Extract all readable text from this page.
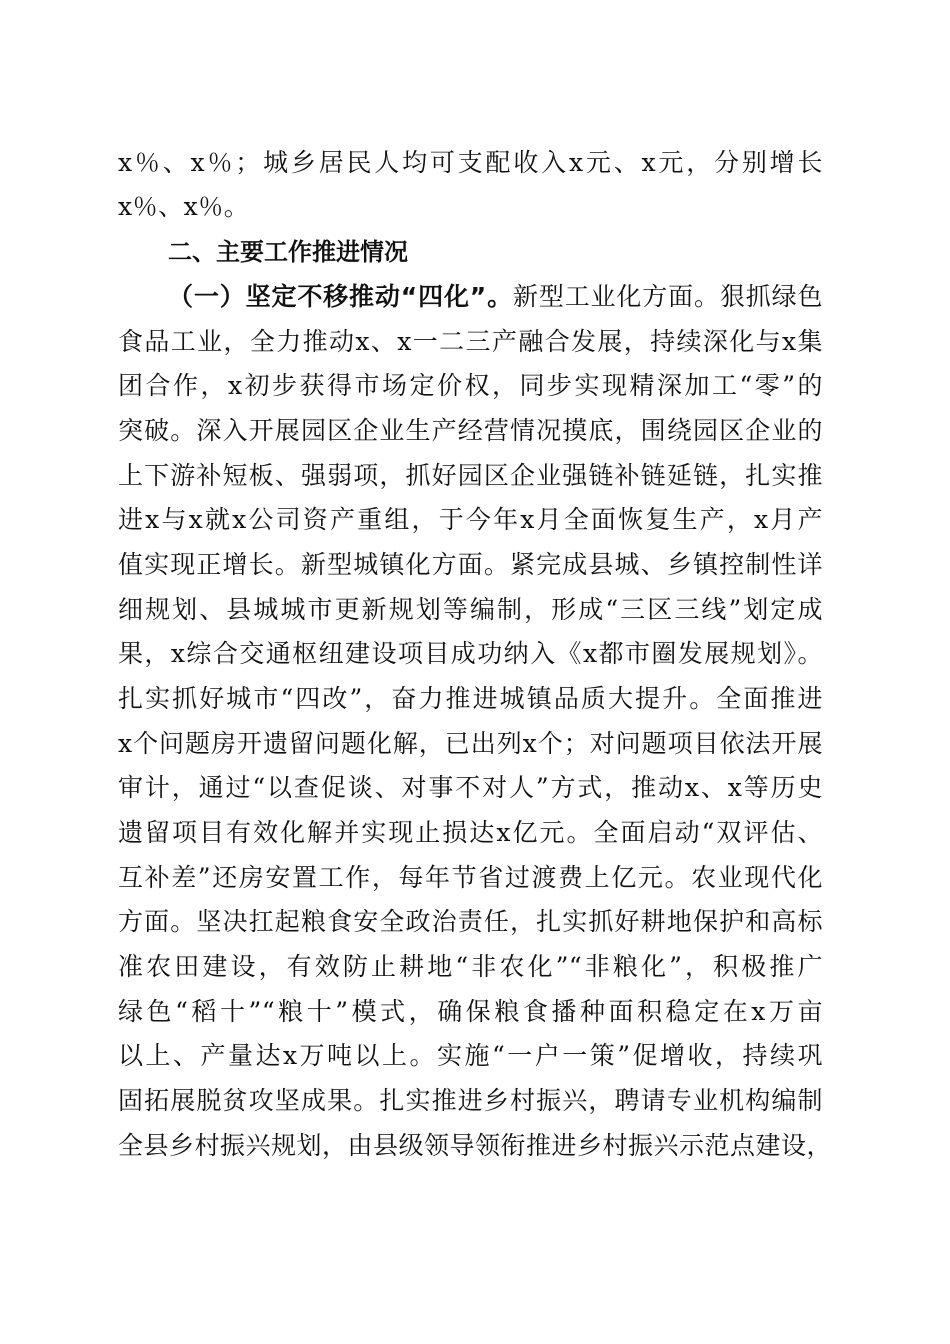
x％、x％；城乡居民人均可支配收入x元、x元，分别增长
x％、x％。
二、主要工作推进情况
（一）坚定不移推动“四化”。新型工业化方面。狠抓绿色
食品工业，全力推动x、x一二三产融合发展，持续深化与x集
团合作，x初步获得市场定价权，同步实现精深加工“零”的
突破。深入开展园区企业生产经营情况摸底，围绕园区企业的
上下游补短板、强弱项，抓好园区企业强链补链延链，扎实推
进x与x就x公司资产重组，于今年x月全面恢复生产，x月产
值实现正增长。新型城镇化方面。紧完成县城、乡镇控制性详
细规划、县城城市更新规划等编制，形成“三区三线”划定成
果，x综合交通枢纽建设项目成功纳入《x都市圈发展规划》。
扎实抓好城市“四改”，奋力推进城镇品质大提升。全面推进
x个问题房开遗留问题化解，已出列x个；对问题项目依法开展
审计，通过“以查促谈、对事不对人”方式，推动x、x等历史
遗留项目有效化解并实现止损达x亿元。全面启动“双评估、
互补差”还房安置工作，每年节省过渡费上亿元。农业现代化
方面。坚决扛起粮食安全政治责任，扎实抓好耕地保护和高标
准农田建设，有效防止耕地“非农化”“非粮化”，积极推广
绿色“稻十”“粮十”模式，确保粮食播种面积稳定在x万亩
以上、产量达x万吨以上。实施“一户一策”促增收，持续巩
固拓展脱贫攻坚成果。扎实推进乡村振兴，聘请专业机构编制
全县乡村振兴规划，由县级领导领衔推进乡村振兴示范点建设，
